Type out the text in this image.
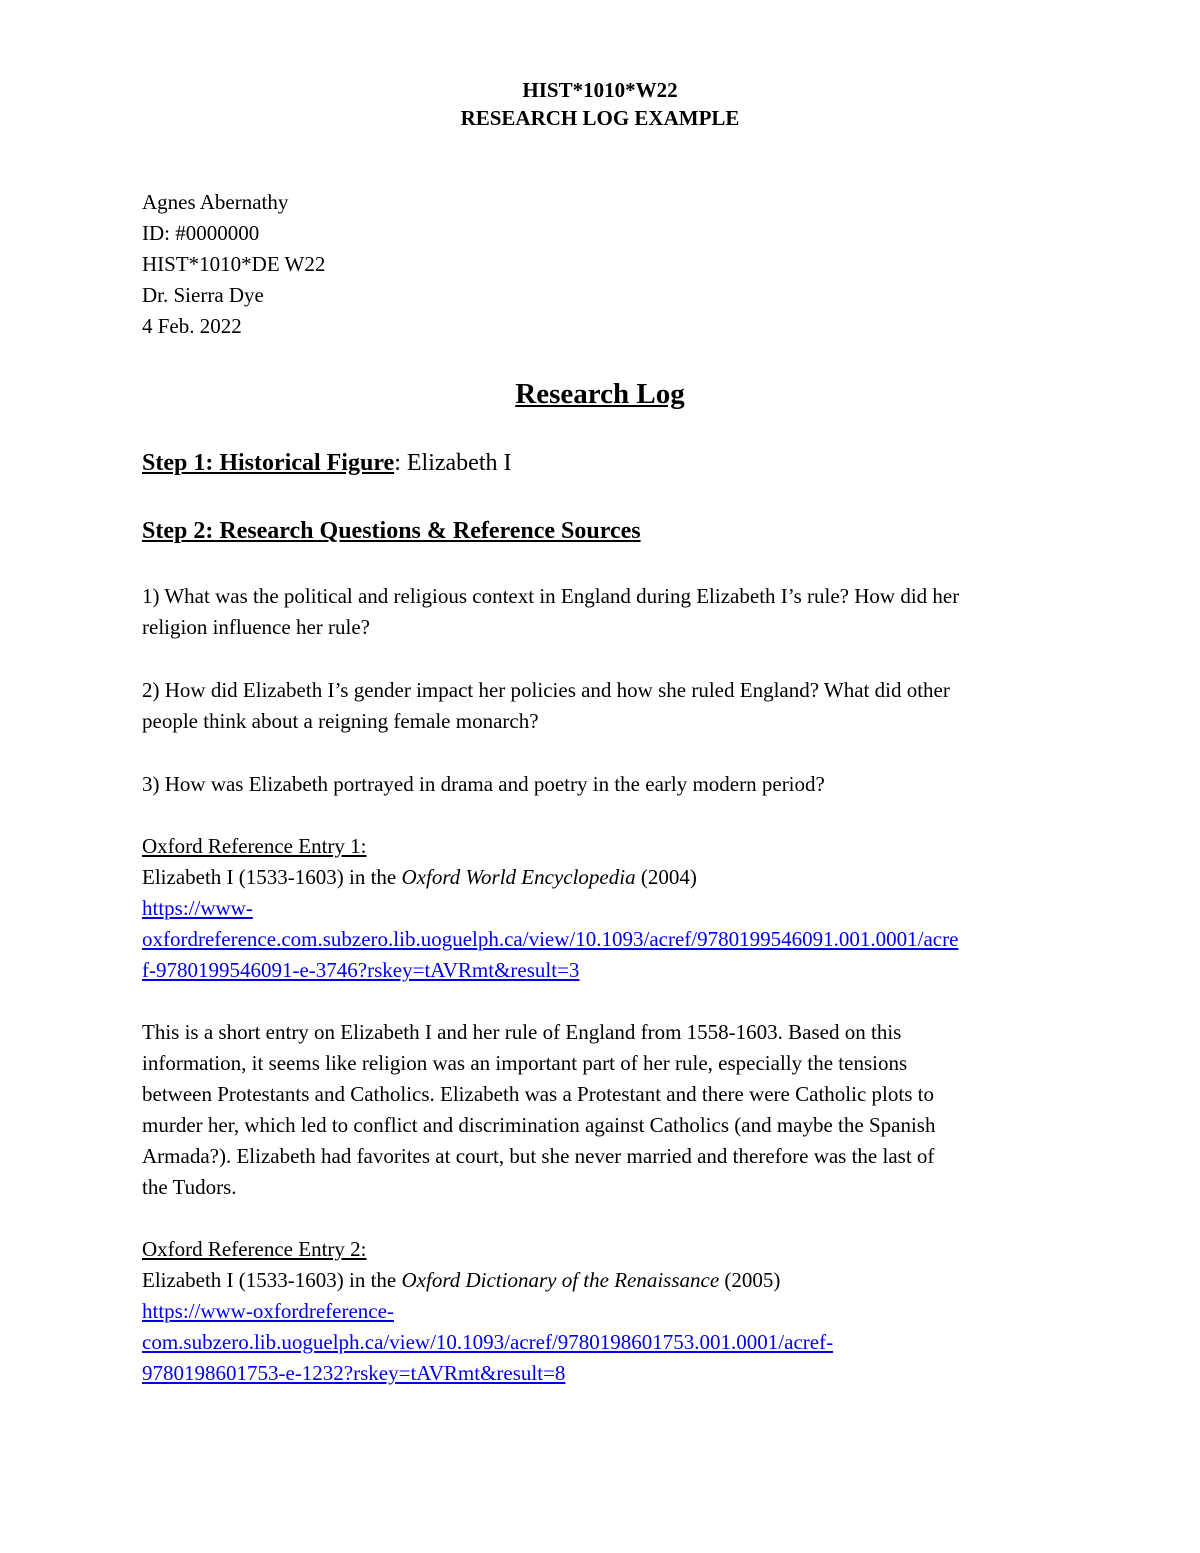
HIST*1010*W22
RESEARCH LOG EXAMPLE
Agnes Abernathy
ID: #0000000
HIST*1010*DE W22
Dr. Sierra Dye
4 Feb. 2022
Research Log
Step 1: Historical Figure: Elizabeth I
Step 2: Research Questions & Reference Sources
1) What was the political and religious context in England during Elizabeth I’s rule? How did her
religion influence her rule?
2) How did Elizabeth I’s gender impact her policies and how she ruled England? What did other
people think about a reigning female monarch?
3) How was Elizabeth portrayed in drama and poetry in the early modern period?
Oxford Reference Entry 1:
Elizabeth I (1533-1603) in the Oxford World Encyclopedia (2004)
https://www-
oxfordreference.com.subzero.lib.uoguelph.ca/view/10.1093/acref/9780199546091.001.0001/acre
f-9780199546091-e-3746?rskey=tAVRmt&result=3
This is a short entry on Elizabeth I and her rule of England from 1558-1603. Based on this
information, it seems like religion was an important part of her rule, especially the tensions
between Protestants and Catholics. Elizabeth was a Protestant and there were Catholic plots to
murder her, which led to conflict and discrimination against Catholics (and maybe the Spanish
Armada?). Elizabeth had favorites at court, but she never married and therefore was the last of
the Tudors.
Oxford Reference Entry 2:
Elizabeth I (1533-1603) in the Oxford Dictionary of the Renaissance (2005)
https://www-oxfordreference-
com.subzero.lib.uoguelph.ca/view/10.1093/acref/9780198601753.001.0001/acref-
9780198601753-e-1232?rskey=tAVRmt&result=8
